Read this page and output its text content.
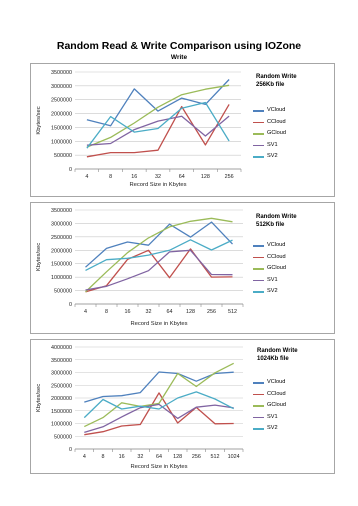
Random Read & Write Comparison using IOZone
Write
0
500000
1000000
1500000
2000000
2500000
3000000
3500000
4	8	16	32	64	128	256
Record Size in Kbytes
Kbytes/sec
Random Write
256Kb file
VCloud
CCloud
GCloud
SV1
SV2
0
500000
1000000
1500000
2000000
2500000
3000000
3500000
4	8	16	32	64	128 256 512
Record Size in Kbytes
Kbytes/sec
Random Write
512Kb file
VCloud
CCloud
GCloud
SV1
SV2
0
500000
1000000
1500000
2000000
2500000
3000000
3500000
4000000
4	8	16 32 64 128 256 512 1024
Record Size in Kbytes
Kbytes/sec
Random Write
1024Kb file
VCloud
CCloud
GCloud
SV1
SV2
